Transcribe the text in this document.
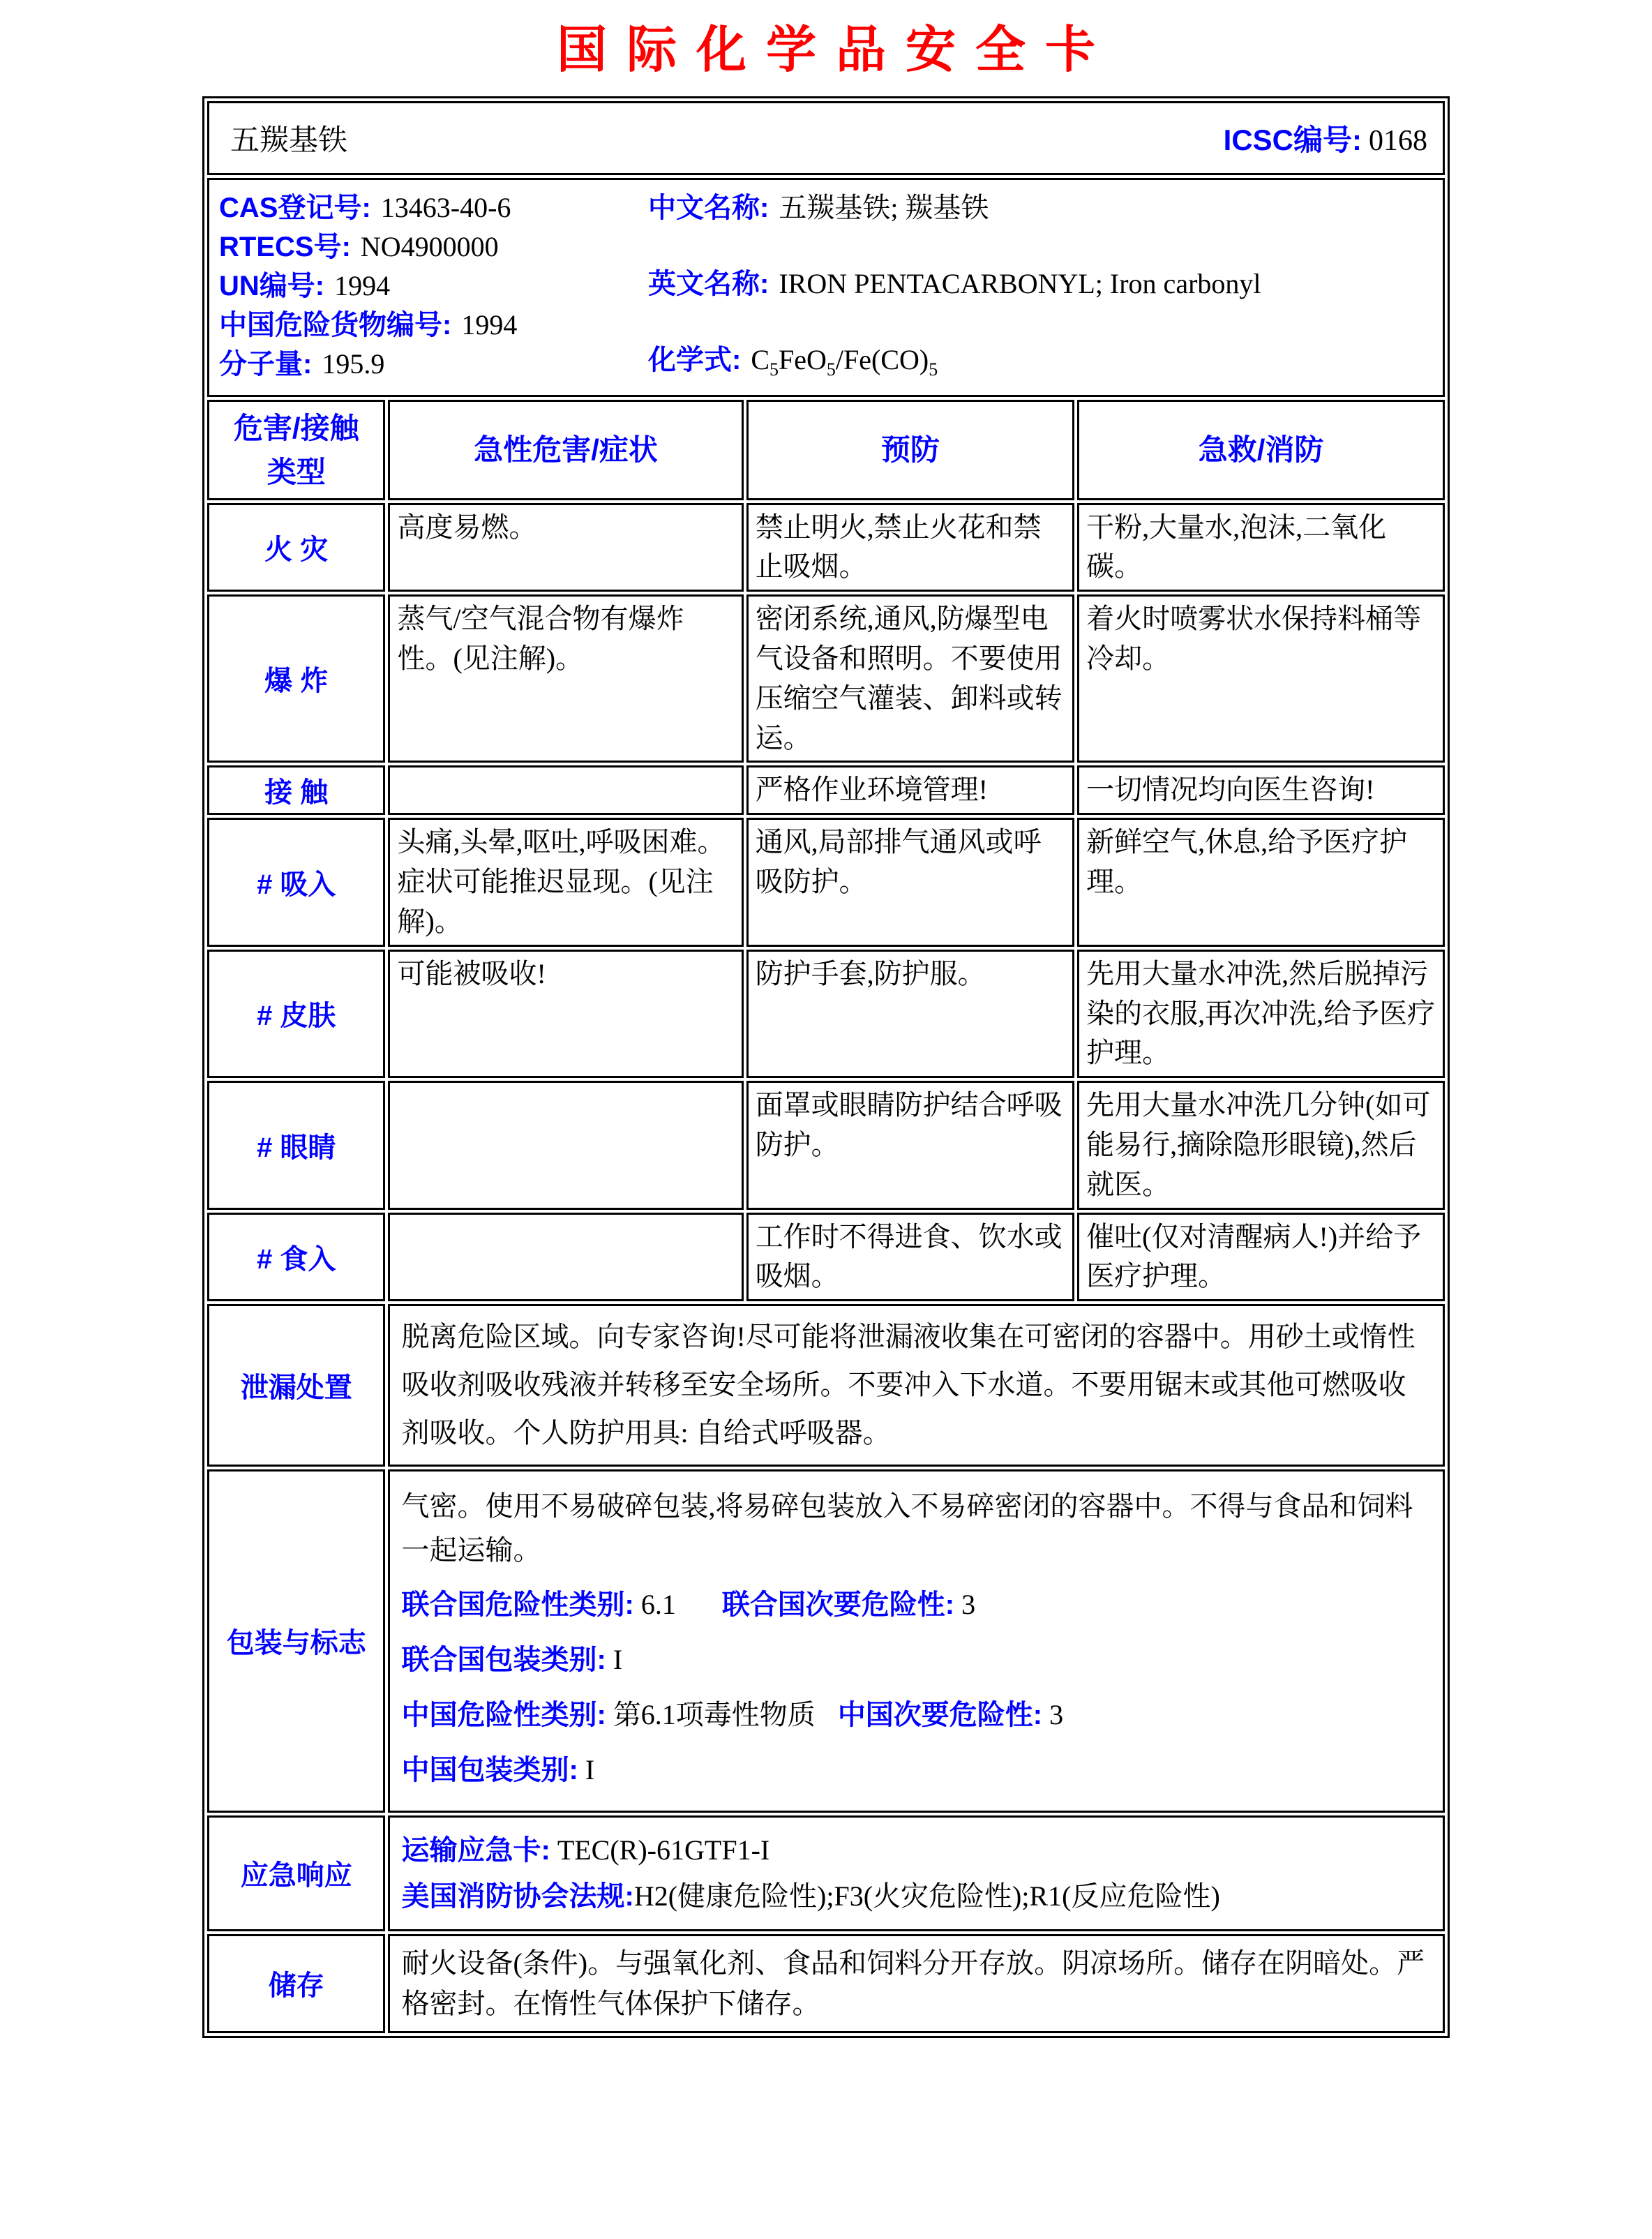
国际化学品安全卡
五羰基铁 ICSC编号: 0168			

CAS登记号: 13463-40-6
RTECS号: NO4900000
UN编号: 1994
中国危险货物编号: 1994
分子量: 195.9
中文名称: 五羰基铁; 羰基铁
英文名称: IRON PENTACARBONYL; Iron carbonyl
化学式: $C_5FeO_5/Fe(CO)_5$

危害/接触类型	急性危害/症状	预防	急救/消防
火 灾	高度易燃。	禁止明火,禁止火花和禁止吸烟。	干粉,大量水,泡沫,二氧化碳。
爆 炸	蒸气/空气混合物有爆炸性。(见注解)。	密闭系统,通风,防爆型电气设备和照明。不要使用压缩空气灌装、卸料或转运。	着火时喷雾状水保持料桶等冷却。
接 触		严格作业环境管理!	一切情况均向医生咨询!
# 吸入	头痛,头晕,呕吐,呼吸困难。症状可能推迟显现。(见注解)。	通风,局部排气通风或呼吸防护。	新鲜空气,休息,给予医疗护理。
# 皮肤	可能被吸收!	防护手套,防护服。	先用大量水冲洗,然后脱掉污染的衣服,再次冲洗,给予医疗护理。
# 眼睛		面罩或眼睛防护结合呼吸防护。	先用大量水冲洗几分钟(如可能易行,摘除隐形眼镜),然后就医。
# 食入		工作时不得进食、饮水或吸烟。	催吐(仅对清醒病人!)并给予医疗护理。
泄漏处置	脱离危险区域。向专家咨询!尽可能将泄漏液收集在可密闭的容器中。用砂土或惰性吸收剂吸收残液并转移至安全场所。不要冲入下水道。不要用锯末或其他可燃吸收剂吸收。个人防护用具: 自给式呼吸器。		
包装与标志	气密。使用不易破碎包装,将易碎包装放入不易碎密闭的容器中。不得与食品和饲料一起运输。

联合国危险性类别: 6.1 联合国次要危险性: 3

联合国包装类别: I

中国危险性类别: 第6.1项毒性物质 中国次要危险性: 3

中国包装类别: I		

应急响应	运输应急卡: TEC(R)-61GTF1-I

美国消防协会法规:H2(健康危险性);F3(火灾危险性);R1(反应危险性)		

储存	耐火设备(条件)。与强氧化剂、食品和饲料分开存放。阴凉场所。储存在阴暗处。严格密封。在惰性气体保护下储存。		
